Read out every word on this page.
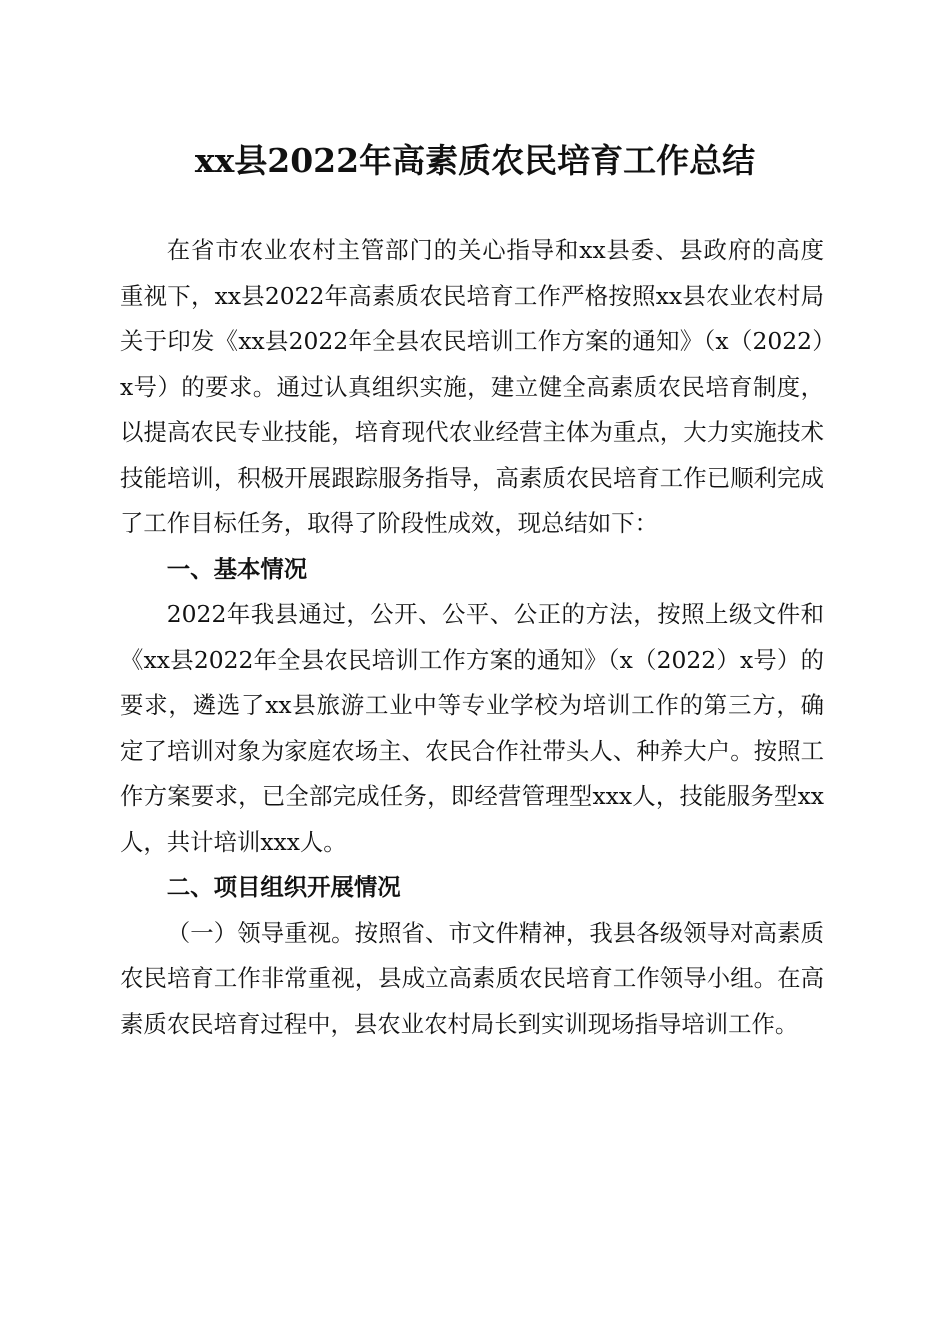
xx县2022年高素质农民培育工作总结

在省市农业农村主管部门的关心指导和xx县委、县政府的高度重视下，xx县2022年高素质农民培育工作严格按照xx县农业农村局关于印发《xx县2022年全县农民培训工作方案的通知》（x（2022）x号）的要求。通过认真组织实施，建立健全高素质农民培育制度，以提高农民专业技能，培育现代农业经营主体为重点，大力实施技术技能培训，积极开展跟踪服务指导，高素质农民培育工作已顺利完成了工作目标任务，取得了阶段性成效，现总结如下：

一、基本情况

2022年我县通过，公开、公平、公正的方法，按照上级文件和《xx县2022年全县农民培训工作方案的通知》（x（2022）x号）的要求，遴选了xx县旅游工业中等专业学校为培训工作的第三方，确定了培训对象为家庭农场主、农民合作社带头人、种养大户。按照工作方案要求，已全部完成任务，即经营管理型xxx人，技能服务型xx人，共计培训xxx人。

二、项目组织开展情况

（一）领导重视。按照省、市文件精神，我县各级领导对高素质农民培育工作非常重视，县成立高素质农民培育工作领导小组。在高素质农民培育过程中，县农业农村局长到实训现场指导培训工作。
